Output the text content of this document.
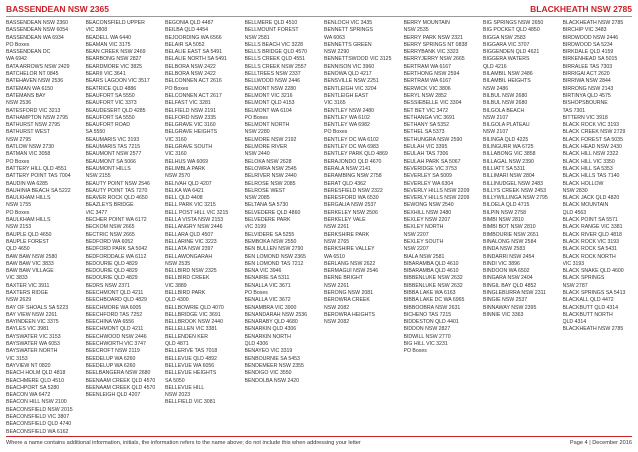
BASSENDEAN NSW 2365	BLACKHEATH NSW 2785
BASSENDEAN NSW 2360
BASSENDEAN NSW 6054
BASSENDEAN WA 6934
PO Boxes
BASSENDEAN DC
WA 6942
BATA ARROWS NSW 2429
BATCHELOR NT 0845
BATEHAVEN NSW 2536
BATEMAN WA 6150
BATEMANS BAY
NSW 2536
BATESFORD VIC 3213
BATHAMPTON NSW 2795
BATHURST NSW 2795
BATHURST WEST
NSW 2795
BATLOW NSW 2730
BATMAN VIC 3058
PO Boxes
BATTERY HILL QLD 4551
BATTERY POINT TAS 7004
BAUDIN WA 6285
BAUHINIA BEACH SA 5222
BAULKHAM HILLS
NSW 1755
PO Boxes
BAULKHAM HILLS
NSW 2153
BAUPLE QLD 4650
BAUPLE FOREST
QLD 4650
BAW BAW NSW 2580
BAW BAW VIC 3833
BAW BAW VILLAGE
VIC 3833
BAXTER VIC 3911
BAXTERS RIDGE
NSW 2629
BAY OF SHOALS SA 5223
BAY VIEW NSW 2261
BAYINDEEN VIC 3375
BAYLES VIC 3981
BAYSWATER VIC 3153
BAYSWATER WA 6053
BAYSWATER NORTH
VIC 3153
BAYVIEW NT 0820
BEACH HOLM QLD 4818
BEACHMERE QLD 4510
BEACHPORT SA 5280
BEACON WA 6472
BEACON HILL NSW 2100
BEACONSFIELD NSW 2015
BEACONSFIELD VIC 3807
BEACONSFIELD QLD 4740
BEACONSFIELD WA 6162
BEACONSFIELD UPPER
VIC 3808
BEADELL WA 6440
BEAMAN VIC 3175
BEAN CREEK NSW 2469
BEARBONG NSW 2827
BEARDMORE VIC 3825
BEARII VIC 3641
BEARS LAGOON VIC 3517
BEATRICE QLD 4886
BEAUFORT SA 5550
BEAUFORT VIC 3373
BEAUDESERT QLD 4285
BEAUFORT SA 5550
BEAUFORT ROAD
SA 5550
BEAUMARIS VIC 3193
BEAUMARIS TAS 7215
BEAUMONT NSW 2577
BEAUMONT SA 5066
BEAUMONT HILLS
NSW 2155
BEAUTY POINT NSW 2546
BEAUTY POINT TAS 7270
BEAVER ROCK QLD 4650
BEAZLEYS BRIDGE
VIC 3477
BECHER POINT WA 6172
BECKOM NSW 2665
BECTRIC NSW 2665
BEDFORD WA 6052
BEDFORD PARK SA 5042
BEDFORDDALE WA 6112
BEDOURIE QLD 4829
BEDOURIE QLD 4829
BEDOURIE QLD 4829
BEDRS NSW 2371
BEECHMONT QLD 4211
BEECHBOARD QLD 4829
BEECHMORE WA 6005
BEECHFORD TAS 7252
BEECHINA WA 6556
BEECHMONT QLD 4211
BEECHWOOD NSW 2446
BEECHWORTH VIC 3747
BEECROFT NSW 2119
BEEDELUP WA 6260
BEEDELUP WA 6260
BEELBANGERA NSW 2680
BEENAAM CREEK QLD 4570
BEENAAM CREEK QLD 4570
BEENLEIGH QLD 4207
BEGONIA QLD 4487
BEILBA QLD 4454
BEJOORDING WA 6566
BELAIR SA 5052
BELALIE EAST SA 5491
BELALIE NORTH SA 5491
BELBORA NSW 2422
BELBORA NSW 2422
BELCONNEN ACT 2616
PO Boxes
BELCONNEN ACT 2617
BELFAST VIC 3281
BELFIELD NSW 2191
BELFORD NSW 2335
BELGRAVE VIC 3160
BELGRAVE HEIGHTS
VIC 3160
BELGRAVE SOUTH
VIC 3160
BELHUS WA 6069
BELIMBLA PARK
NSW 2570
BELIVAH QLD 4207
BELKA WA 6421
BELL QLD 4408
BELL PARK VIC 3215
BELL POST HILL VIC 3215
BELLA VISTA NSW 2153
BELLANGRY NSW 2446
BELLARA QLD 4507
BELLARINE VIC 3223
BELLATA NSW 2397
BELLAWONGARAH
NSW 2535
BELLBIRD NSW 2325
BELLBIRD CREEK
VIC 3889
BELLBIRD PARK
QLD 4300
BELLBOWRIE QLD 4070
BELLBRIDGE VIC 3691
BELLBROOK NSW 2440
BELLELLEN VIC 3381
BELLENDEN KER
QLD 4871
BELLERIVE TAS 7018
BELLEVUE QLD 4892
BELLEVUE WA 6056
BELLEVUE HEIGHTS
SA 5050
BELLEVUE HILL
NSW 2023
BELLFIELD VIC 3081
BELLMERE QLD 4510
BELLMOUNT FOREST
NSW 2581
BELLS BEACH VIC 3228
BELLS BRIDGE QLD 4570
BELLS CREEK QLD 4551
BELLS CREEK NSW 2557
BELLTREES NSW 2337
BELLWOOD NSW 2446
BELMONT NSW 2280
BELMONT VIC 3216
BELMONT QLD 4153
BELMONT WA 6104
PO Boxes
BELMONT NORTH
NSW 2280
BELMORE NSW 2192
BELMORE RIVER
NSW 2440
BELOKA NSW 2628
BELOWRA NSW 2545
BELRIVER NSW 2440
BELROSE NSW 2085
BELROSE WEST
NSW 2085
BELTANA SA 5730
BELVEDERE QLD 4860
BELVEDERE PARK
VIC 3199
BELVIDERE SA 5255
BEMBOKA NSW 2550
BEN BULLEN NSW 2790
BEN LOMOND NSW 2365
BEN LOMOND TAS 7212
BENA VIC 3946
BENAIRIE SA 5311
BENALLA VIC 3671
PO Boxes
BENALLA VIC 3672
BENAMBRA VIC 3900
BENANDARAH NSW 2536
BENARABY QLD 4680
BENARKIN QLD 4306
BENARKIN NORTH
QLD 4306
BENAYEO VIC 3319
BENBOURNIE SA 5453
BENDEMEER NSW 2355
BENDIGO VIC 3550
BENDOLBA NSW 2420
BENLOCH VIC 3435
BENNETT SPRINGS
WA 6063
BENNETTS GREEN
NSW 2290
BENNETTSWOOD VIC 3125
BENNISON VIC 3960
BENOWA QLD 4217
BENSVILLE NSW 2251
BENTLEIGH VIC 3204
BENTLEIGH EAST
VIC 3165
BENTLEY NSW 2480
BENTLEY WA 6102
BENTLEY WA 6982
PO Boxes
BENTLEY DC WA 6102
BENTLEY DC WA 6983
BENTLEY PARK QLD 4869
BERAJONDO QLD 4670
BERALA NSW 2141
BERAMBING NSW 2758
BERAT QLD 4362
BERESFIELD NSW 2322
BERESFORD WA 6530
BERGALIA NSW 2537
BERKELEY NSW 2506
BERKELEY VALE
NSW 2261
BERKSHIRE PARK
NSW 2765
BERKSHIRE VALLEY
WA 6510
BERLANG NSW 2622
BERMAGUI NSW 2546
BERNE BRIGHT
NSW 2261
BERONG NSW 2081
BEROWRA CREEK
NSW 2082
BEROWRA HEIGHTS
NSW 2082
BERRY MOUNTAIN
NSW 2535
BERRY PARK NSW 2321
BERRY SPRINGS NT 0838
BERRYBANK VIC 3323
BERRYJERRY NSW 2665
BERTRAM WA 6167
BERTHONG NSW 2594
BERTRAM WA 6167
BERWICK VIC 3806
BERYL NSW 2852
BESSIEBELLE VIC 3304
BET BET VIC 3472
BETHANGA VIC 3691
BETHANY SA 5352
BETHEL SA 5373
BETHUNGRA NSW 2590
BEULAH VIC 3395
BEULAH TAS 7306
BEULAH PARK SA 5067
BEVERIDGE VIC 3753
BEVERLEY SA 5009
BEVERLEY WA 6304
BEVERLY HILLS NSW 2209
BEVERLY HILLS NSW 2209
BEWONG NSW 2540
BEXHILL NSW 2480
BEXLEY NSW 2207
BEXLEY NORTH
NSW 2207
BEXLEY SOUTH
NSW 2207
BIALA NSW 2581
BIBARAMBA QLD 4610
BIBARAMBA QLD 4610
BIBBENLUKE NSW 2632
BIBBENLUKE NSW 2632
BIBBA LAKE WA 6163
BIBBA LAKE DC WA 6965
BIBBOOBRA NSW 2631
BICHENO TAS 7215
BIDDESTON QLD 4401
BIDDON NSW 2827
BIDWILL NSW 2770
BIG HILL VIC 3231
PO Boxes
BIG SPRINGS NSW 2650
BIG POCKET QLD 4850
BIGGA NSW 2583
BIGGARA VIC 3707
BIGGENDEN QLD 4621
BIGGERA WATERS
QLD 4216
BILAMBIL NSW 2486
BILAMBIL HEIGHTS
NSW 2486
BILBUL NSW 2680
BILBUL NSW 2680
BILGOLA BEACH
NSW 2107
BILGOLA PLATEAU
NSW 2107
BILINGA QLD 4225
BILINGURR WA 6725
BILLABONG VIC 3858
BILLAGAL NSW 2390
BILLIATT SA 5311
BILLIMARI NSW 2804
BILLINUDGEL NSW 2483
BILLYS CREEK NSW 2453
BILLYWILLINGA NSW 2795
BILOELA QLD 4715
BILPIN NSW 2758
BIMBI NSW 2810
BIMBI BOT NSW 2810
BIMBOURIE NSW 2651
BINALONG NSW 2584
BINDA NSW 2583
BINDARRI NSW 2454
BINDI VIC 3896
BINDOON WA 6502
BINGARA NSW 2404
BINGIL BAY QLD 4852
BINGLEBURRA NSW 2311
BINGIE NSW 2537
BINNAWAY NSW 2395
BINNIE VIC 3363
BLACKHEATH NSW 2785
BIRCHIP VIC 3483
BIRDWOOD NSW 2446
BIRDWOOD SA 5234
BIRKDALE QLD 4159
BIRKENHEAD SA 5015
BIRRALEE TAS 7303
BIRRIGAI ACT 2620
BIRRIWA NSW 2844
BIRRONG NSW 2143
BIRTINYA QLD 4575
BISHOPSBOURNE
TAS 7301
BITTERN VIC 3918
BLACK ROCK VIC 3193
BLACK CREEK NSW 2729
BLACK FOREST SA 5035
BLACK HEAD NSW 2430
BLACK HILL NSW 2322
BLACK HILL VIC 3350
BLACK HILL SA 5353
BLACK HILLS TAS 7140
BLACK HOLLOW
NSW 2830
BLACK JACK QLD 4820
BLACK MOUNTAIN
QLD 4563
BLACK POINT SA 5571
BLACK RANGE VIC 3381
BLACK RIVER QLD 4818
BLACK ROCK VIC 3193
BLACK ROCK SA 5431
BLACK ROCK NORTH
VIC 3193
BLACK SNAKE QLD 4600
BLACK SPRINGS
NSW 2787
BLACK SPRINGS SA 5413
BLACKALL QLD 4472
BLACKBUTT QLD 4314
BLACKBUTT NORTH
QLD 4314
BLACKHEATH NSW 2785
Where a name contains additional information, initials, the information refers to the name above; do not include this when addressing your letter	Page 4 | December 2016
